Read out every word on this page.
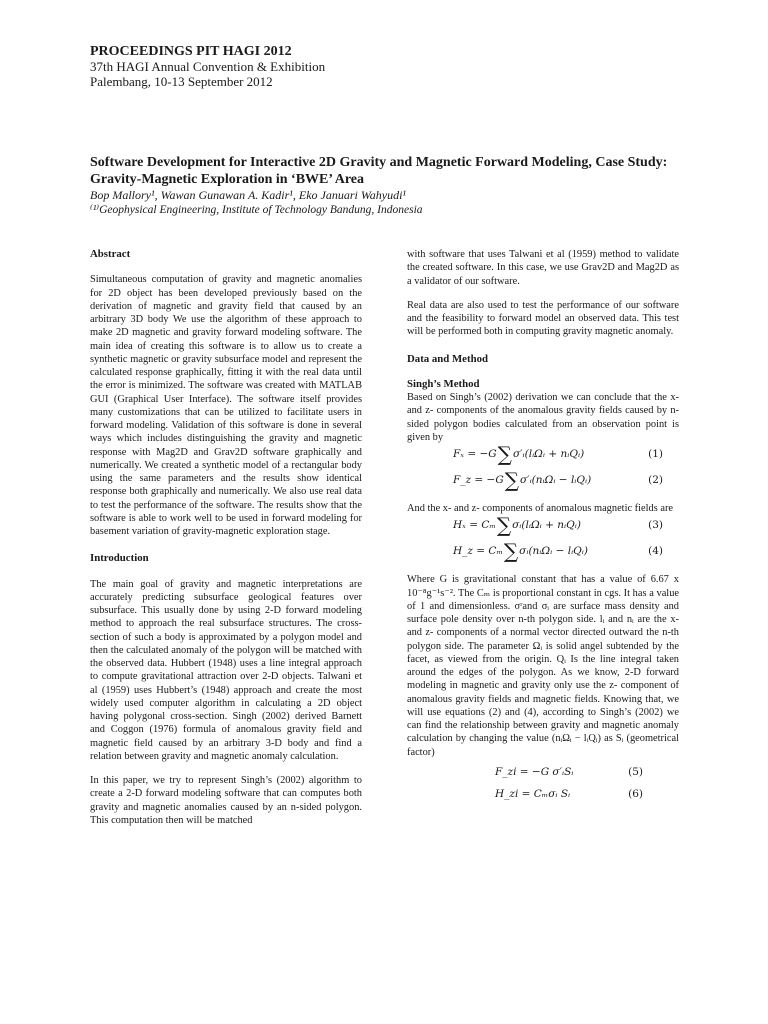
PROCEEDINGS PIT HAGI 2012
37th HAGI Annual Convention & Exhibition
Palembang, 10-13 September 2012

Software Development for Interactive 2D Gravity and Magnetic Forward Modeling, Case Study: Gravity-Magnetic Exploration in ‘BWE’ Area

Bop Mallory¹, Wawan Gunawan A. Kadir¹, Eko Januari Wahyudi¹

⁽¹⁾Geophysical Engineering, Institute of Technology Bandung, Indonesia

Abstract

Simultaneous computation of gravity and magnetic anomalies for 2D object has been developed previously based on the derivation of magnetic and gravity field that caused by an arbitrary 3D body We use the algorithm of these approach to make 2D magnetic and gravity forward modeling software. The main idea of creating this software is to allow us to create a synthetic magnetic or gravity subsurface model and represent the calculated response graphically, fitting it with the real data until the error is minimized. The software was created with MATLAB GUI (Graphical User Interface). The software itself provides many customizations that can be utilized to facilitate users in forward modeling. Validation of this software is done in several ways which includes distinguishing the gravity and magnetic response with Mag2D and Grav2D software graphically and numerically. We created a synthetic model of a rectangular body using the same parameters and the results show identical response both graphically and numerically. We also use real data to test the performance of the software. The results show that the software is able to work well to be used in forward modeling for basement variation of gravity-magnetic exploration stage.

Introduction

The main goal of gravity and magnetic interpretations are accurately predicting subsurface geological features over subsurface. This usually done by using 2-D forward modeling method to approach the real subsurface structures. The cross-section of such a body is approximated by a polygon model and then the calculated anomaly of the polygon will be matched with the observed data. Hubbert (1948) uses a line integral approach to compute gravitational attraction over 2-D objects. Talwani et al (1959) uses Hubbert’s (1948) approach and create the most widely used computer algorithm in calculating a 2D object having polygonal cross-section. Singh (2002) derived Barnett and Coggon (1976) formula of anomalous gravity field and magnetic field caused by an arbitrary 3-D body and find a relation between gravity and magnetic anomaly calculation.

In this paper, we try to represent Singh’s (2002) algorithm to create a 2-D forward modeling software that can computes both gravity and magnetic anomalies caused by an n-sided polygon. This computation then will be matched

with software that uses Talwani et al (1959) method to validate the created software. In this case, we use Grav2D and Mag2D as a validator of our software.

Real data are also used to test the performance of our software and the feasibility to forward model an observed data. This test will be performed both in computing gravity magnetic anomaly.

Data and Method
Singh’s Method

Based on Singh’s (2002) derivation we can conclude that the x- and z- components of the anomalous gravity fields caused by n-sided polygon bodies calculated from an observation point is given by

Fₓ = −G∑σ′ᵢ(lᵢΩᵢ + nᵢQᵢ)	(1)
F_z = −G∑σ′ᵢ(nᵢΩᵢ − lᵢQᵢ)	(2)

And the x- and z- components of anomalous magnetic fields are

Hₓ = Cₘ∑σᵢ(lᵢΩᵢ + nᵢQᵢ)	(3)
H_z = Cₘ∑σᵢ(nᵢΩᵢ − lᵢQᵢ)	(4)

Where G is gravitational constant that has a value of 6.67 x 10⁻⁸g⁻¹s⁻². The Cₘ is proportional constant in cgs. It has a value of 1 and dimensionless. σʳand σᵢ are surface mass density and surface pole density over n-th polygon side. lᵢ and nᵢ are the x- and z- components of a normal vector directed outward the n-th polygon side. The parameter Ωᵢ is solid angel subtended by the facet, as viewed from the origin. Qᵢ Is the line integral taken around the edges of the polygon. As we know, 2-D forward modeling in magnetic and gravity only use the z- component of anomalous gravity fields and magnetic fields. Knowing that, we will use equations (2) and (4), according to Singh’s (2002) we can find the relationship between gravity and magnetic anomaly calculation by changing the value (nᵢΩᵢ − lᵢQᵢ) as Sᵢ (geometrical factor)

F_zi = −G σ′ᵢSᵢ	(5)
H_zi = Cₘσᵢ Sᵢ	(6)
